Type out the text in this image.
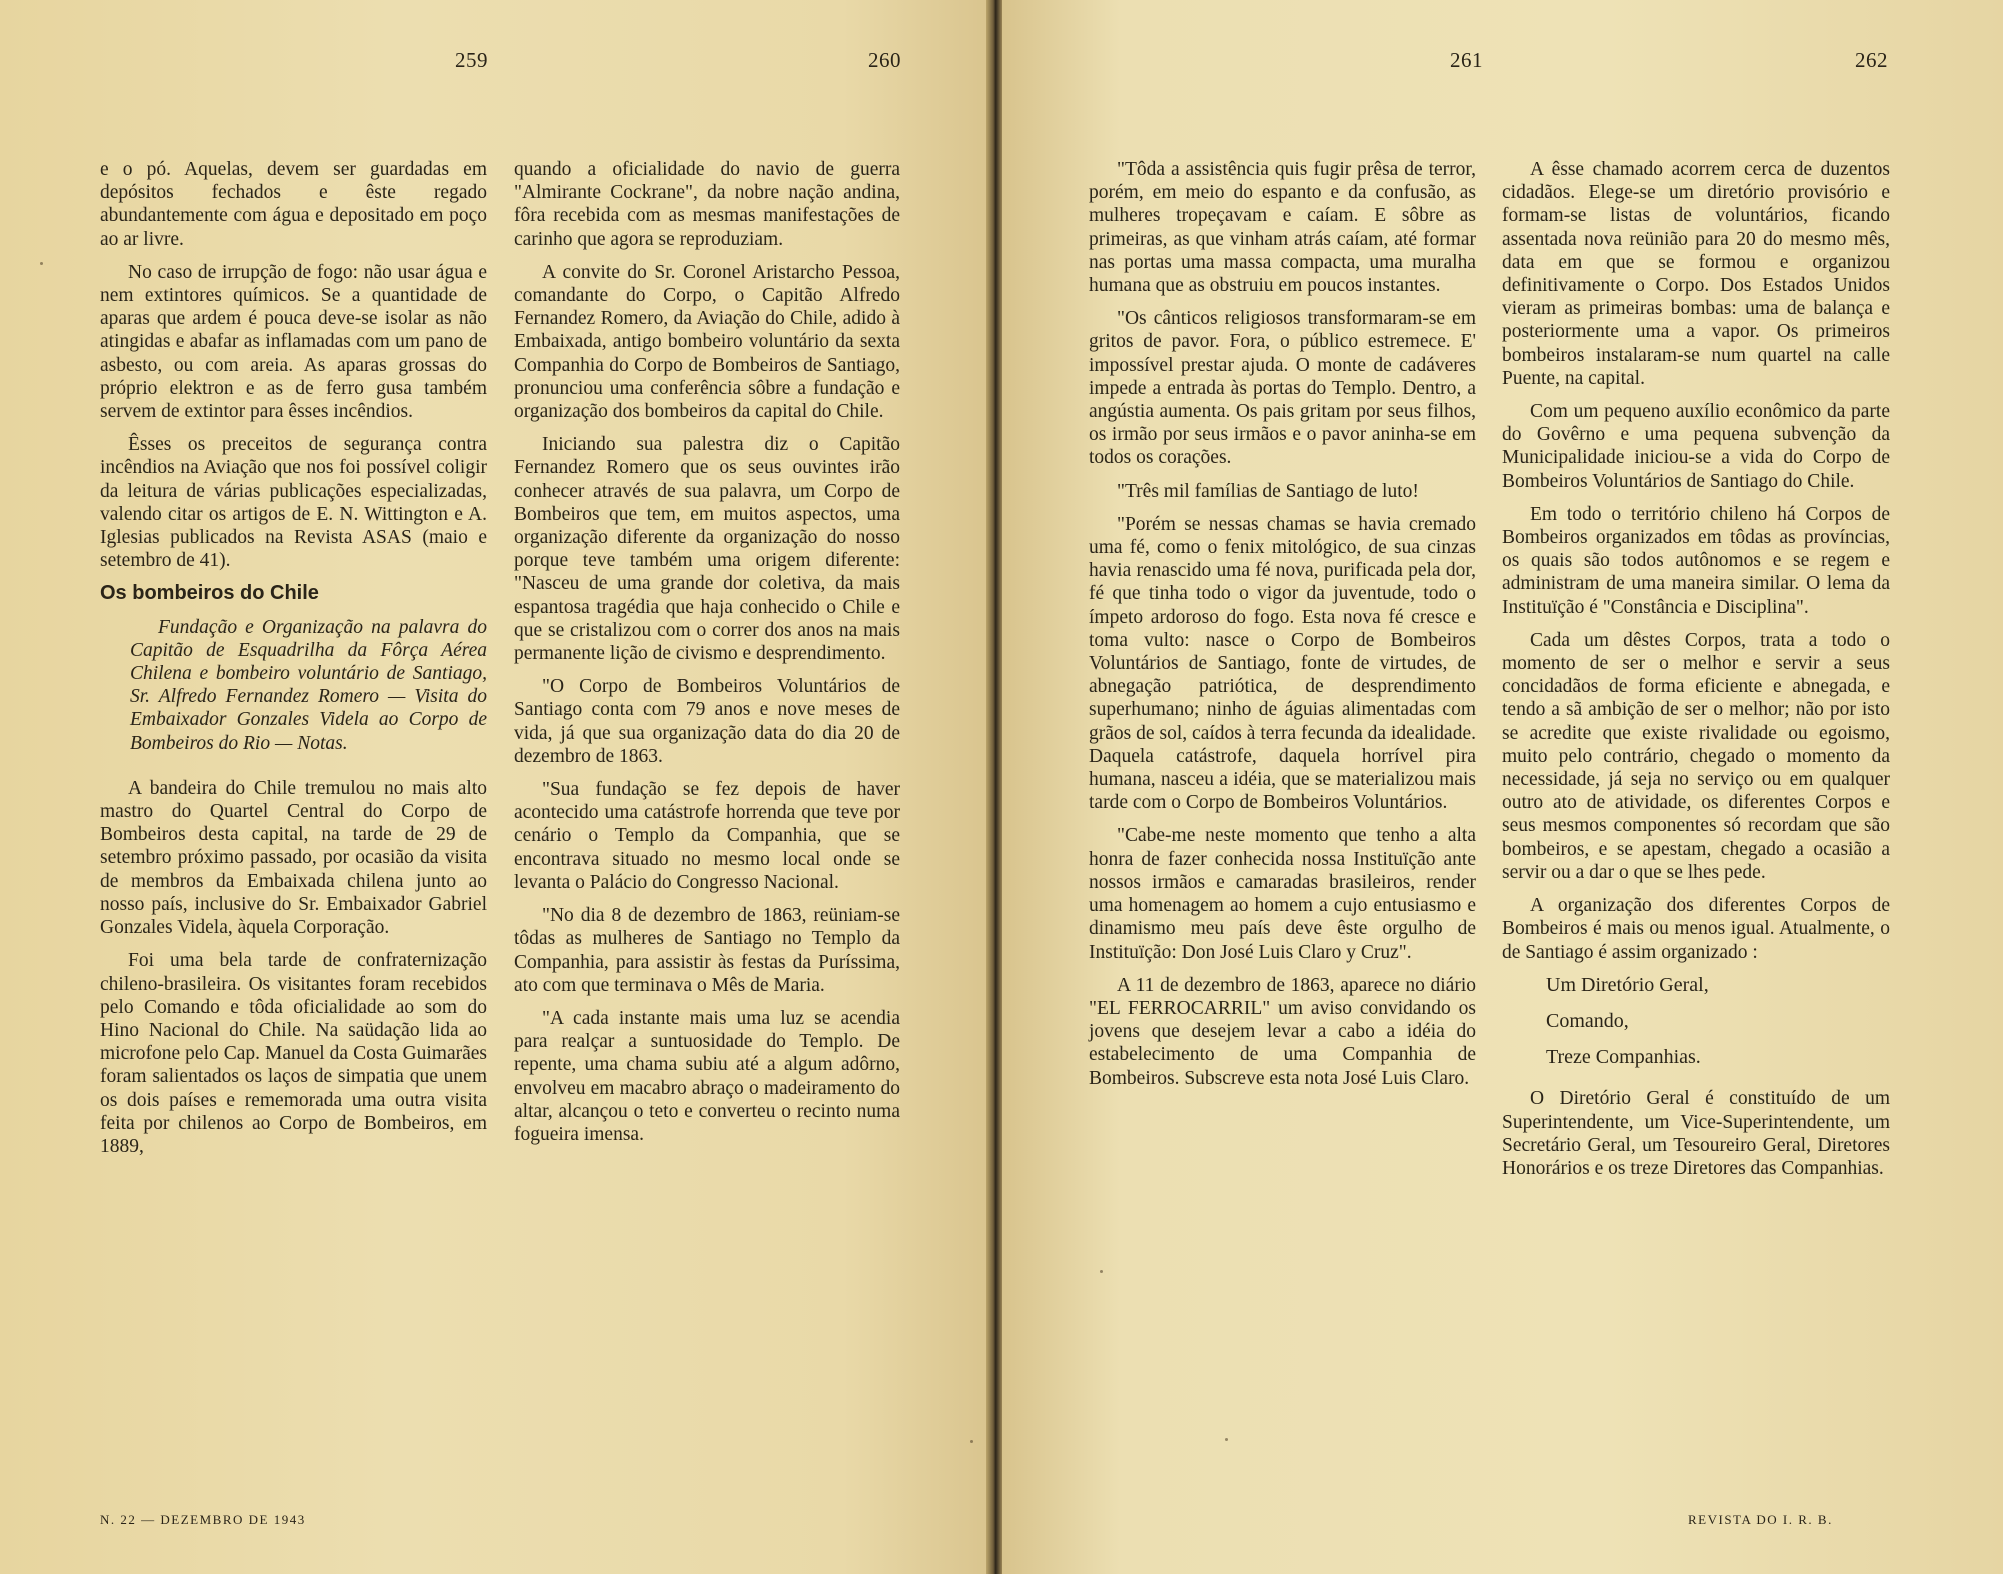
259	260	261	262

e o pó. Aquelas, devem ser guardadas em depósitos fechados e êste regado abundantemente com água e depositado em poço ao ar livre.

No caso de irrupção de fogo: não usar água e nem extintores químicos. Se a quantidade de aparas que ardem é pouca deve-se isolar as não atingidas e abafar as inflamadas com um pano de asbesto, ou com areia. As aparas grossas do próprio elektron e as de ferro gusa também servem de extintor para êsses incêndios.

Êsses os preceitos de segurança contra incêndios na Aviação que nos foi possível coligir da leitura de várias publicações especializadas, valendo citar os artigos de E. N. Wittington e A. Iglesias publicados na Revista ASAS (maio e setembro de 41).

Os bombeiros do Chile

Fundação e Organização na palavra do Capitão de Esquadrilha da Fôrça Aérea Chilena e bombeiro voluntário de Santiago, Sr. Alfredo Fernandez Romero — Visita do Embaixador Gonzales Videla ao Corpo de Bombeiros do Rio — Notas.

A bandeira do Chile tremulou no mais alto mastro do Quartel Central do Corpo de Bombeiros desta capital, na tarde de 29 de setembro próximo passado, por ocasião da visita de membros da Embaixada chilena junto ao nosso país, inclusive do Sr. Embaixador Gabriel Gonzales Videla, àquela Corporação.

Foi uma bela tarde de confraternização chileno-brasileira. Os visitantes foram recebidos pelo Comando e tôda oficialidade ao som do Hino Nacional do Chile. Na saüdação lida ao microfone pelo Cap. Manuel da Costa Guimarães foram salientados os laços de simpatia que unem os dois países e rememorada uma outra visita feita por chilenos ao Corpo de Bombeiros, em 1889,

quando a oficialidade do navio de guerra "Almirante Cockrane", da nobre nação andina, fôra recebida com as mesmas manifestações de carinho que agora se reproduziam.

A convite do Sr. Coronel Aristarcho Pessoa, comandante do Corpo, o Capitão Alfredo Fernandez Romero, da Aviação do Chile, adido à Embaixada, antigo bombeiro voluntário da sexta Companhia do Corpo de Bombeiros de Santiago, pronunciou uma conferência sôbre a fundação e organização dos bombeiros da capital do Chile.

Iniciando sua palestra diz o Capitão Fernandez Romero que os seus ouvintes irão conhecer através de sua palavra, um Corpo de Bombeiros que tem, em muitos aspectos, uma organização diferente da organização do nosso porque teve também uma origem diferente: "Nasceu de uma grande dor coletiva, da mais espantosa tragédia que haja conhecido o Chile e que se cristalizou com o correr dos anos na mais permanente lição de civismo e desprendimento.

"O Corpo de Bombeiros Voluntários de Santiago conta com 79 anos e nove meses de vida, já que sua organização data do dia 20 de dezembro de 1863.

"Sua fundação se fez depois de haver acontecido uma catástrofe horrenda que teve por cenário o Templo da Companhia, que se encontrava situado no mesmo local onde se levanta o Palácio do Congresso Nacional.

"No dia 8 de dezembro de 1863, reüniam-se tôdas as mulheres de Santiago no Templo da Companhia, para assistir às festas da Puríssima, ato com que terminava o Mês de Maria.

"A cada instante mais uma luz se acendia para realçar a suntuosidade do Templo. De repente, uma chama subiu até a algum adôrno, envolveu em macabro abraço o madeiramento do altar, alcançou o teto e converteu o recinto numa fogueira imensa.

"Tôda a assistência quis fugir prêsa de terror, porém, em meio do espanto e da confusão, as mulheres tropeçavam e caíam. E sôbre as primeiras, as que vinham atrás caíam, até formar nas portas uma massa compacta, uma muralha humana que as obstruiu em poucos instantes.

"Os cânticos religiosos transformaram-se em gritos de pavor. Fora, o público estremece. E' impossível prestar ajuda. O monte de cadáveres impede a entrada às portas do Templo. Dentro, a angústia aumenta. Os pais gritam por seus filhos, os irmão por seus irmãos e o pavor aninha-se em todos os corações.

"Três mil famílias de Santiago de luto!

"Porém se nessas chamas se havia cremado uma fé, como o fenix mitológico, de sua cinzas havia renascido uma fé nova, purificada pela dor, fé que tinha todo o vigor da juventude, todo o ímpeto ardoroso do fogo. Esta nova fé cresce e toma vulto: nasce o Corpo de Bombeiros Voluntários de Santiago, fonte de virtudes, de abnegação patriótica, de desprendimento superhumano; ninho de águias alimentadas com grãos de sol, caídos à terra fecunda da idealidade. Daquela catástrofe, daquela horrível pira humana, nasceu a idéia, que se materializou mais tarde com o Corpo de Bombeiros Voluntários.

"Cabe-me neste momento que tenho a alta honra de fazer conhecida nossa Instituïção ante nossos irmãos e camaradas brasileiros, render uma homenagem ao homem a cujo entusiasmo e dinamismo meu país deve êste orgulho de Instituïção: Don José Luis Claro y Cruz".

A 11 de dezembro de 1863, aparece no diário "EL FERROCARRIL" um aviso convidando os jovens que desejem levar a cabo a idéia do estabelecimento de uma Companhia de Bombeiros. Subscreve esta nota José Luis Claro.

A êsse chamado acorrem cerca de duzentos cidadãos. Elege-se um diretório provisório e formam-se listas de voluntários, ficando assentada nova reünião para 20 do mesmo mês, data em que se formou e organizou definitivamente o Corpo. Dos Estados Unidos vieram as primeiras bombas: uma de balança e posteriormente uma a vapor. Os primeiros bombeiros instalaram-se num quartel na calle Puente, na capital.

Com um pequeno auxílio econômico da parte do Govêrno e uma pequena subvenção da Municipalidade iniciou-se a vida do Corpo de Bombeiros Voluntários de Santiago do Chile.

Em todo o território chileno há Corpos de Bombeiros organizados em tôdas as províncias, os quais são todos autônomos e se regem e administram de uma maneira similar. O lema da Instituïção é "Constância e Disciplina".

Cada um dêstes Corpos, trata a todo o momento de ser o melhor e servir a seus concidadãos de forma eficiente e abnegada, e tendo a sã ambição de ser o melhor; não por isto se acredite que existe rivalidade ou egoismo, muito pelo contrário, chegado o momento da necessidade, já seja no serviço ou em qualquer outro ato de atividade, os diferentes Corpos e seus mesmos componentes só recordam que são bombeiros, e se apestam, chegado a ocasião a servir ou a dar o que se lhes pede.

A organização dos diferentes Corpos de Bombeiros é mais ou menos igual. Atualmente, o de Santiago é assim organizado :

Um Diretório Geral,
Comando,
Treze Companhias.

O Diretório Geral é constituído de um Superintendente, um Vice-Superintendente, um Secretário Geral, um Tesoureiro Geral, Diretores Honorários e os treze Diretores das Companhias.

N. 22 — DEZEMBRO DE 1943	REVISTA DO I. R. B.
